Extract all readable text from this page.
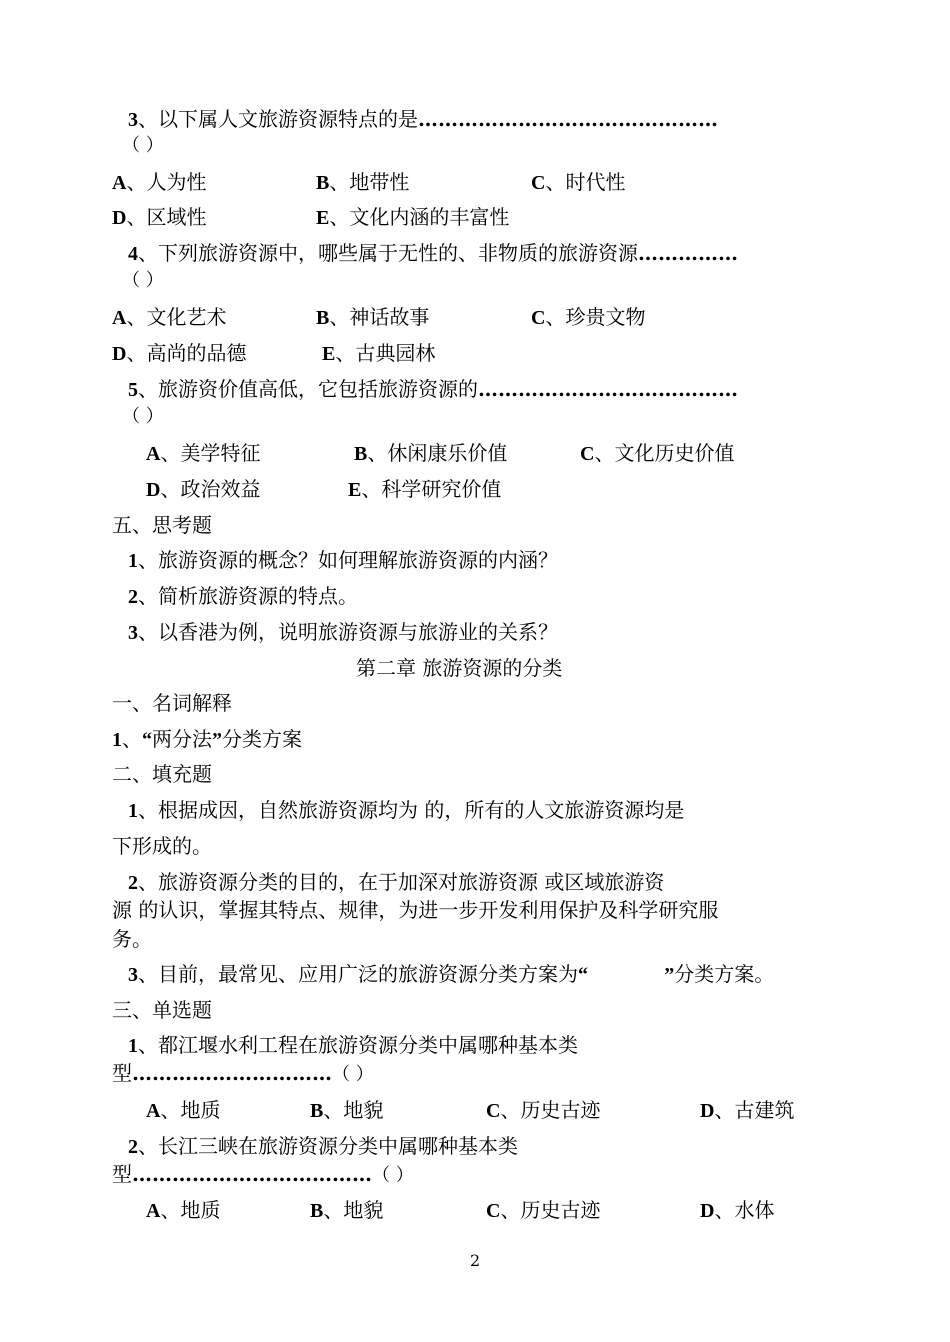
3、以下属人文旅游资源特点的是………………………………………
（ ）
A、人为性	B、地带性	C、时代性
D、区域性	E、文化内涵的丰富性
4、下列旅游资源中，哪些属于无性的、非物质的旅游资源……………
（ ）
A、文化艺术	B、神话故事	C、珍贵文物
D、高尚的品德	E、古典园林
5、旅游资价值高低，它包括旅游资源的…………………………………
（ ）
A、美学特征	B、休闲康乐价值	C、文化历史价值
D、政治效益	E、科学研究价值
五、思考题
1、旅游资源的概念？如何理解旅游资源的内涵？
2、简析旅游资源的特点。
3、以香港为例，说明旅游资源与旅游业的关系？
第二章 旅游资源的分类
一、名词解释
1、“两分法”分类方案
二、填充题
1、根据成因，自然旅游资源均为 的，所有的人文旅游资源均是
下形成的。
2、旅游资源分类的目的，在于加深对旅游资源 或区域旅游资
源 的认识，掌握其特点、规律，为进一步开发利用保护及科学研究服
务。
3、目前，最常见、应用广泛的旅游资源分类方案为“	”分类方案。
三、单选题
1、都江堰水利工程在旅游资源分类中属哪种基本类
型…………………………（ ）
A、地质	B、地貌	C、历史古迹	D、古建筑
2、长江三峡在旅游资源分类中属哪种基本类
型………………………………（ ）
A、地质	B、地貌	C、历史古迹	D、水体
2
